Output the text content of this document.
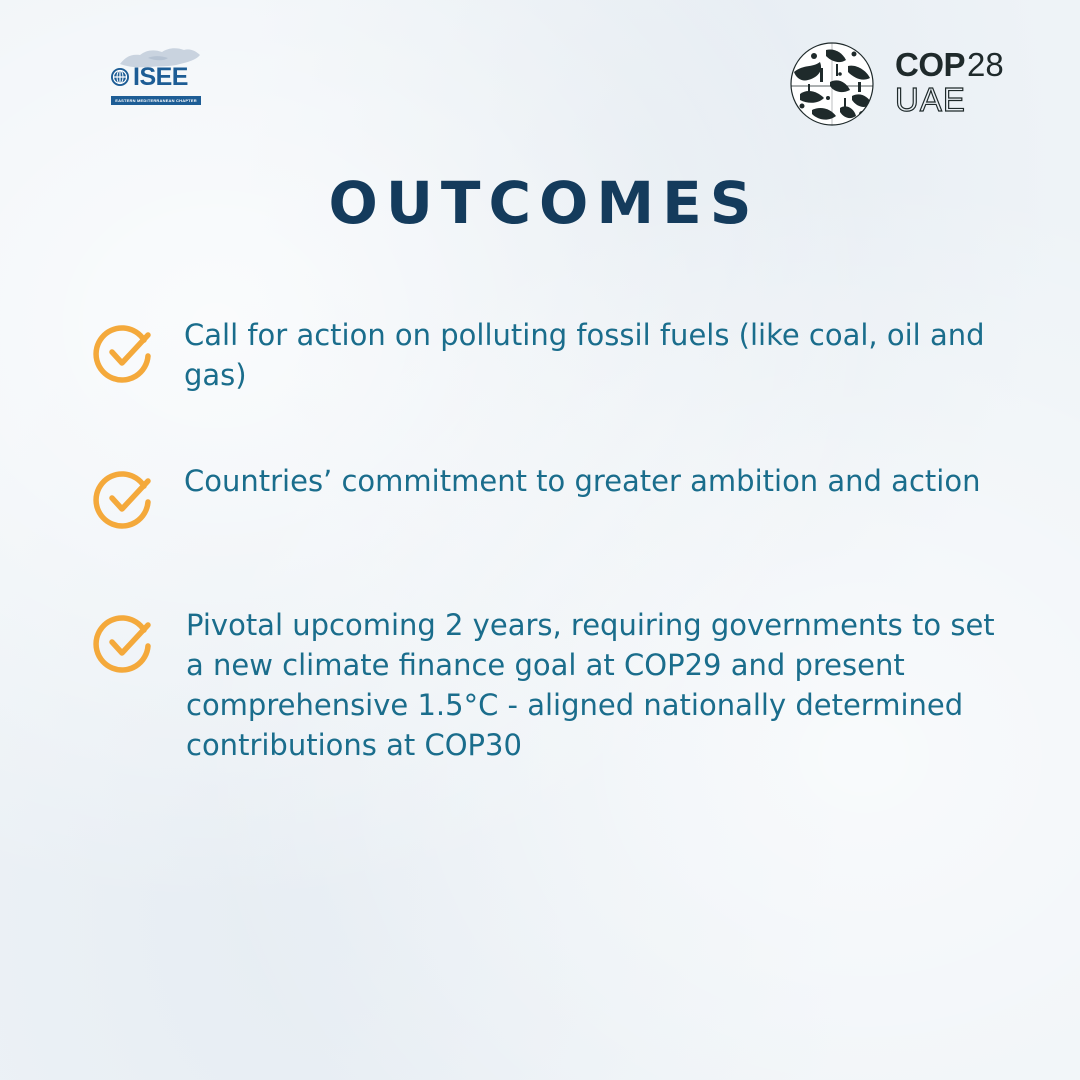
ISEE
EASTERN MEDITERRANEAN CHAPTER
COP28
UAE
OUTCOMES
Call for action on polluting fossil fuels (like coal, oil and gas)
Countries’ commitment to greater ambition and action
Pivotal upcoming 2 years, requiring governments to set a new climate finance goal at COP29 and present comprehensive 1.5°C - aligned nationally determined contributions at COP30
